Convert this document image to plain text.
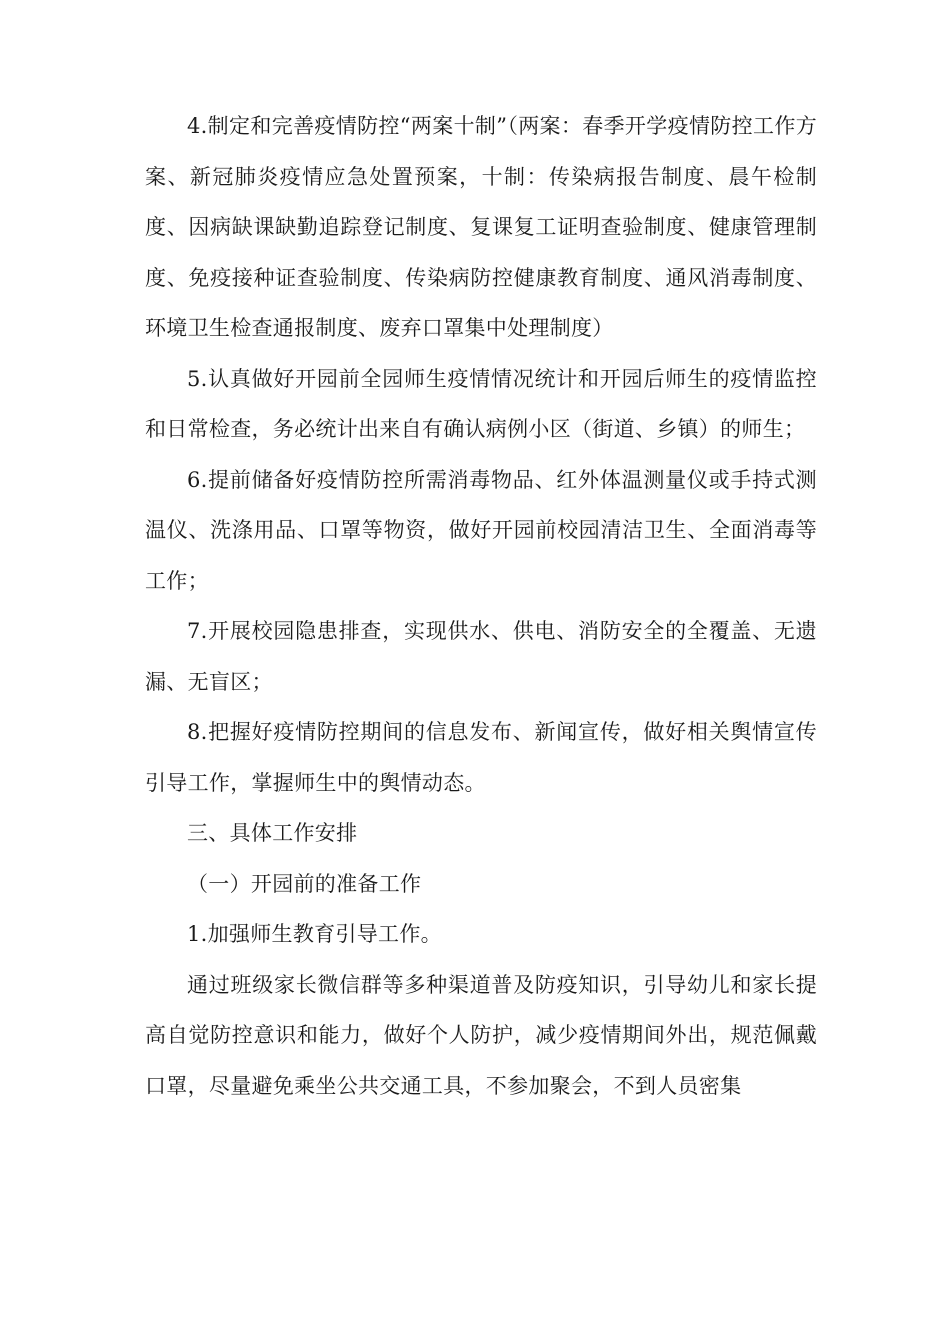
4.制定和完善疫情防控“两案十制”（两案：春季开学疫情防控工作方案、新冠肺炎疫情应急处置预案，十制：传染病报告制度、晨午检制度、因病缺课缺勤追踪登记制度、复课复工证明查验制度、健康管理制度、免疫接种证查验制度、传染病防控健康教育制度、通风消毒制度、环境卫生检查通报制度、废弃口罩集中处理制度）

5.认真做好开园前全园师生疫情情况统计和开园后师生的疫情监控和日常检查，务必统计出来自有确认病例小区（街道、乡镇）的师生；

6.提前储备好疫情防控所需消毒物品、红外体温测量仪或手持式测温仪、洗涤用品、口罩等物资，做好开园前校园清洁卫生、全面消毒等工作；

7.开展校园隐患排查，实现供水、供电、消防安全的全覆盖、无遗漏、无盲区；

8.把握好疫情防控期间的信息发布、新闻宣传，做好相关舆情宣传引导工作，掌握师生中的舆情动态。

三、具体工作安排

（一）开园前的准备工作

1.加强师生教育引导工作。

通过班级家长微信群等多种渠道普及防疫知识，引导幼儿和家长提高自觉防控意识和能力，做好个人防护，减少疫情期间外出，规范佩戴口罩，尽量避免乘坐公共交通工具，不参加聚会，不到人员密集
